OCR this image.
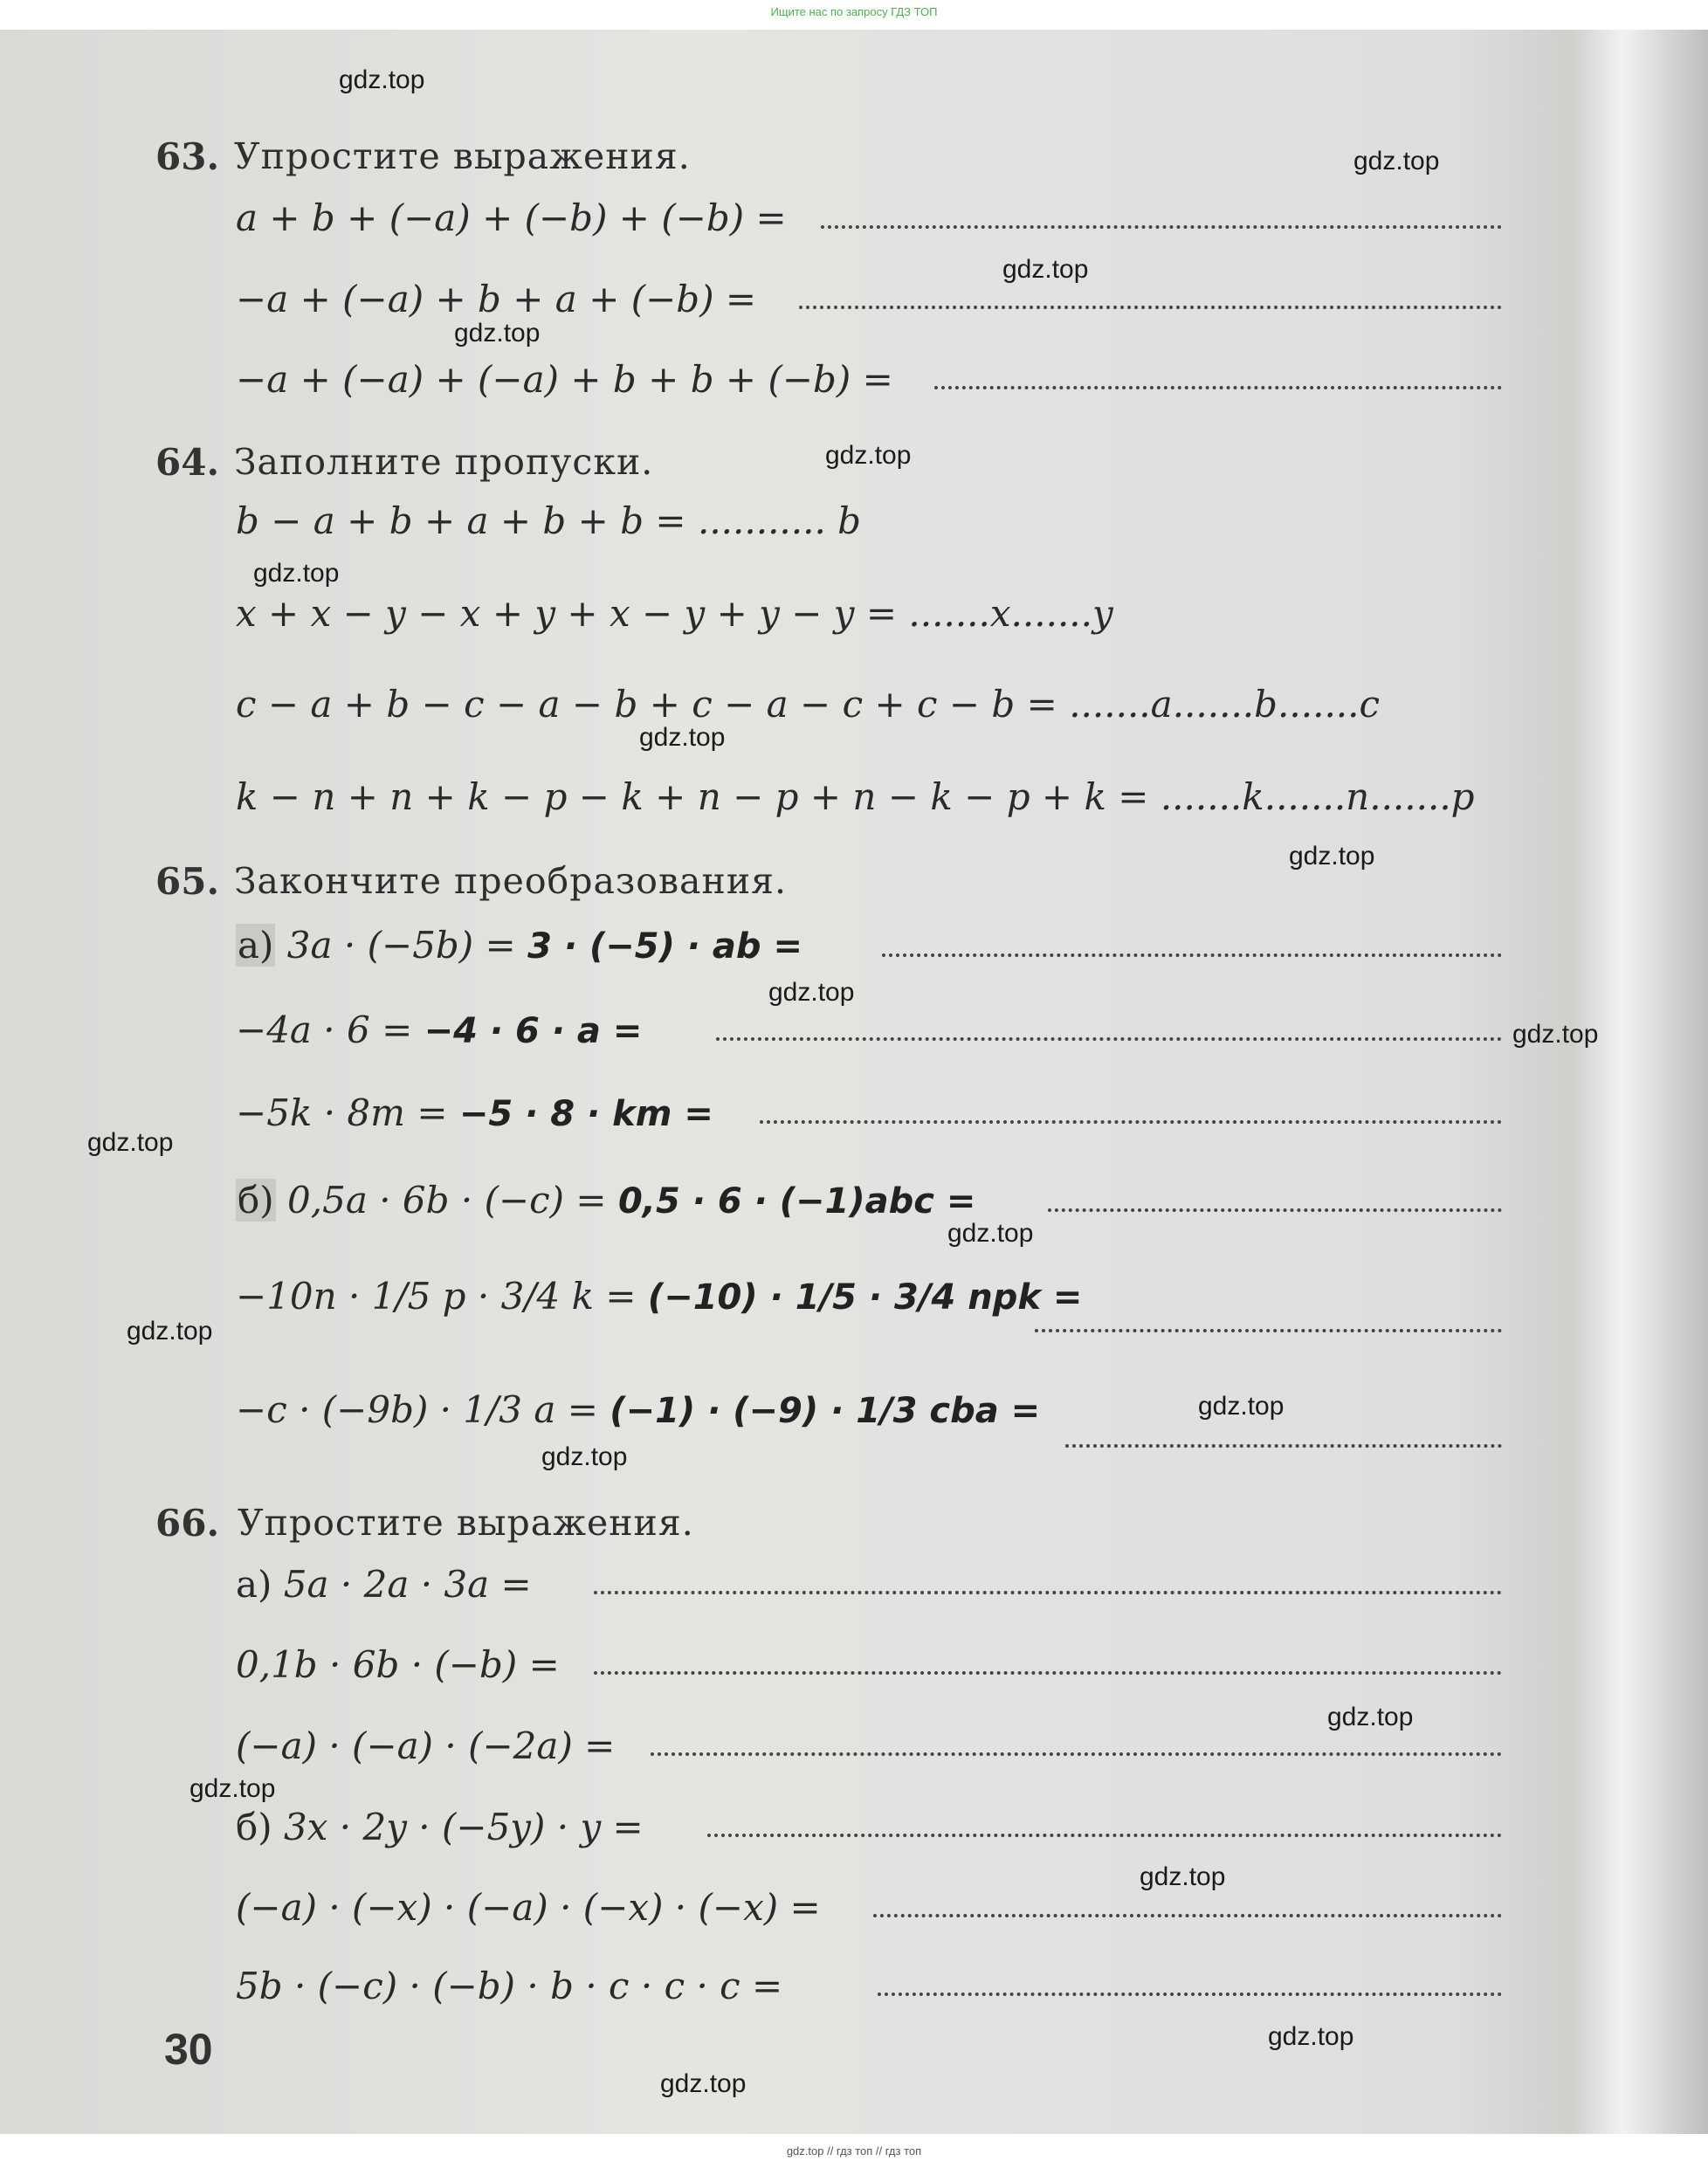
Ищите нас по запросу ГДЗ ТОП
63. Упростите выражения.
a + b + (−a) + (−b) + (−b) =
−a + (−a) + b + a + (−b) =
−a + (−a) + (−a) + b + b + (−b) =
64. Заполните пропуски.
b − a + b + a + b + b = ........... b
x + x − y − x + y + x − y + y − y = .......x.......y
c − a + b − c − a − b + c − a − c + c − b = .......a.......b.......c
k − n + n + k − p − k + n − p + n − k − p + k = .......k.......n.......p
65. Закончите преобразования.
а) 3a · (−5b) = 3 · (−5) · ab =
−4a · 6 = −4 · 6 · a =
−5k · 8m = −5 · 8 · km =
б) 0,5a · 6b · (−c) = 0,5 · 6 · (−1)abc =
−10n · 1/5 p · 3/4 k = (−10) · 1/5 · 3/4 npk =
−c · (−9b) · 1/3 a = (−1) · (−9) · 1/3 cba =
66. Упростите выражения.
а) 5a · 2a · 3a =
0,1b · 6b · (−b) =
(−a) · (−a) · (−2a) =
б) 3x · 2y · (−5y) · y =
(−a) · (−x) · (−a) · (−x) · (−x) =
5b · (−c) · (−b) · b · c · c · c =
30
gdz.top
gdz.top
gdz.top
gdz.top
gdz.top
gdz.top
gdz.top
gdz.top
gdz.top
gdz.top
gdz.top
gdz.top
gdz.top
gdz.top
gdz.top
gdz.top
gdz.top
gdz.top
gdz.top
gdz.top
gdz.top // гдз топ // гдз топ
